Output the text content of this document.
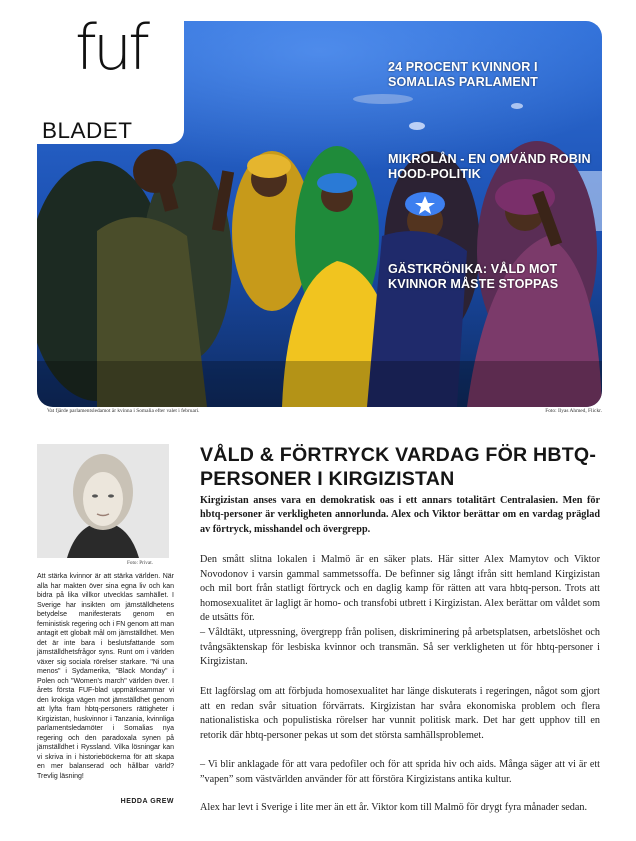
24 PROCENT KVINNOR I SOMALIAS PARLAMENT
MIKROLÅN - EN OMVÄND ROBIN HOOD-POLITIK
GÄSTKRÖNIKA: VÅLD MOT KVINNOR MÅSTE STOPPAS
fuf
BLADET
Vat fjärde parlamentsledamot är kvinna i Somalia efter valet i februari.	Foto: Ilyas Ahmed, Flickr.
Foto: Privat.
Att stärka kvinnor är att stärka världen. När alla har makten över sina egna liv och kan bidra på lika villkor utvecklas samhället. I Sverige har insikten om jämställdhetens betydelse manifesterats genom en feministisk regering och i FN genom att man antagit ett globalt mål om jämställdhet. Men det är inte bara i beslutsfattande som jämställdhetsfrågor syns. Runt om i världen växer sig sociala rörelser starkare. "Ni una menos" i Sydamerika, "Black Monday" i Polen och "Women's march" världen över. I årets första FUF-blad uppmärksammar vi den krokiga vägen mot jämställdhet genom att lyfta fram hbtq-personers rättigheter i Kirgizistan, huskvinnor i Tanzania, kvinnliga parlamentsledamöter i Somalias nya regering och den paradoxala synen på jämställdhet i Ryssland. Vilka lösningar kan vi skriva in i historieböckerna för att skapa en mer balanserad och hållbar värld? Trevlig läsning!
HEDDA GREW
VÅLD & FÖRTRYCK VARDAG FÖR HBTQ-PERSONER I KIRGIZISTAN
Kirgizistan anses vara en demokratisk oas i ett annars totalitärt Centralasien. Men för hbtq-personer är verkligheten annorlunda. Alex och Viktor berättar om en vardag präglad av förtryck, misshandel och övergrepp.
Den smått slitna lokalen i Malmö är en säker plats. Här sitter Alex Mamytov och Viktor Novodonov i varsin gammal sammetssoffa. De befinner sig långt ifrån sitt hemland Kirgizistan och mil bort från statligt förtryck och en daglig kamp för rätten att vara hbtq-person. Trots att homosexualitet är lagligt är homo- och transfobi utbrett i Kirgizistan. Alex berättar om våldet som de utsätts för.
– Våldtäkt, utpressning, övergrepp från polisen, diskriminering på arbetsplatsen, arbetslöshet och tvångsäktenskap för lesbiska kvinnor och transmän. Så ser verkligheten ut för hbtq-personer i Kirgizistan.
Ett lagförslag om att förbjuda homosexualitet har länge diskuterats i regeringen, något som gjort att en redan svår situation förvärrats. Kirgizistan har svåra ekonomiska problem och flera nationalistiska och populistiska rörelser har vunnit politisk mark. Det har gett upphov till en retorik där hbtq-personer pekas ut som det största samhällsproblemet.
– Vi blir anklagade för att vara pedofiler och för att sprida hiv och aids. Många säger att vi är ett ”vapen” som västvärlden använder för att förstöra Kirgizistans antika kultur.
Alex har levt i Sverige i lite mer än ett år. Viktor kom till Malmö för drygt fyra månader sedan.
